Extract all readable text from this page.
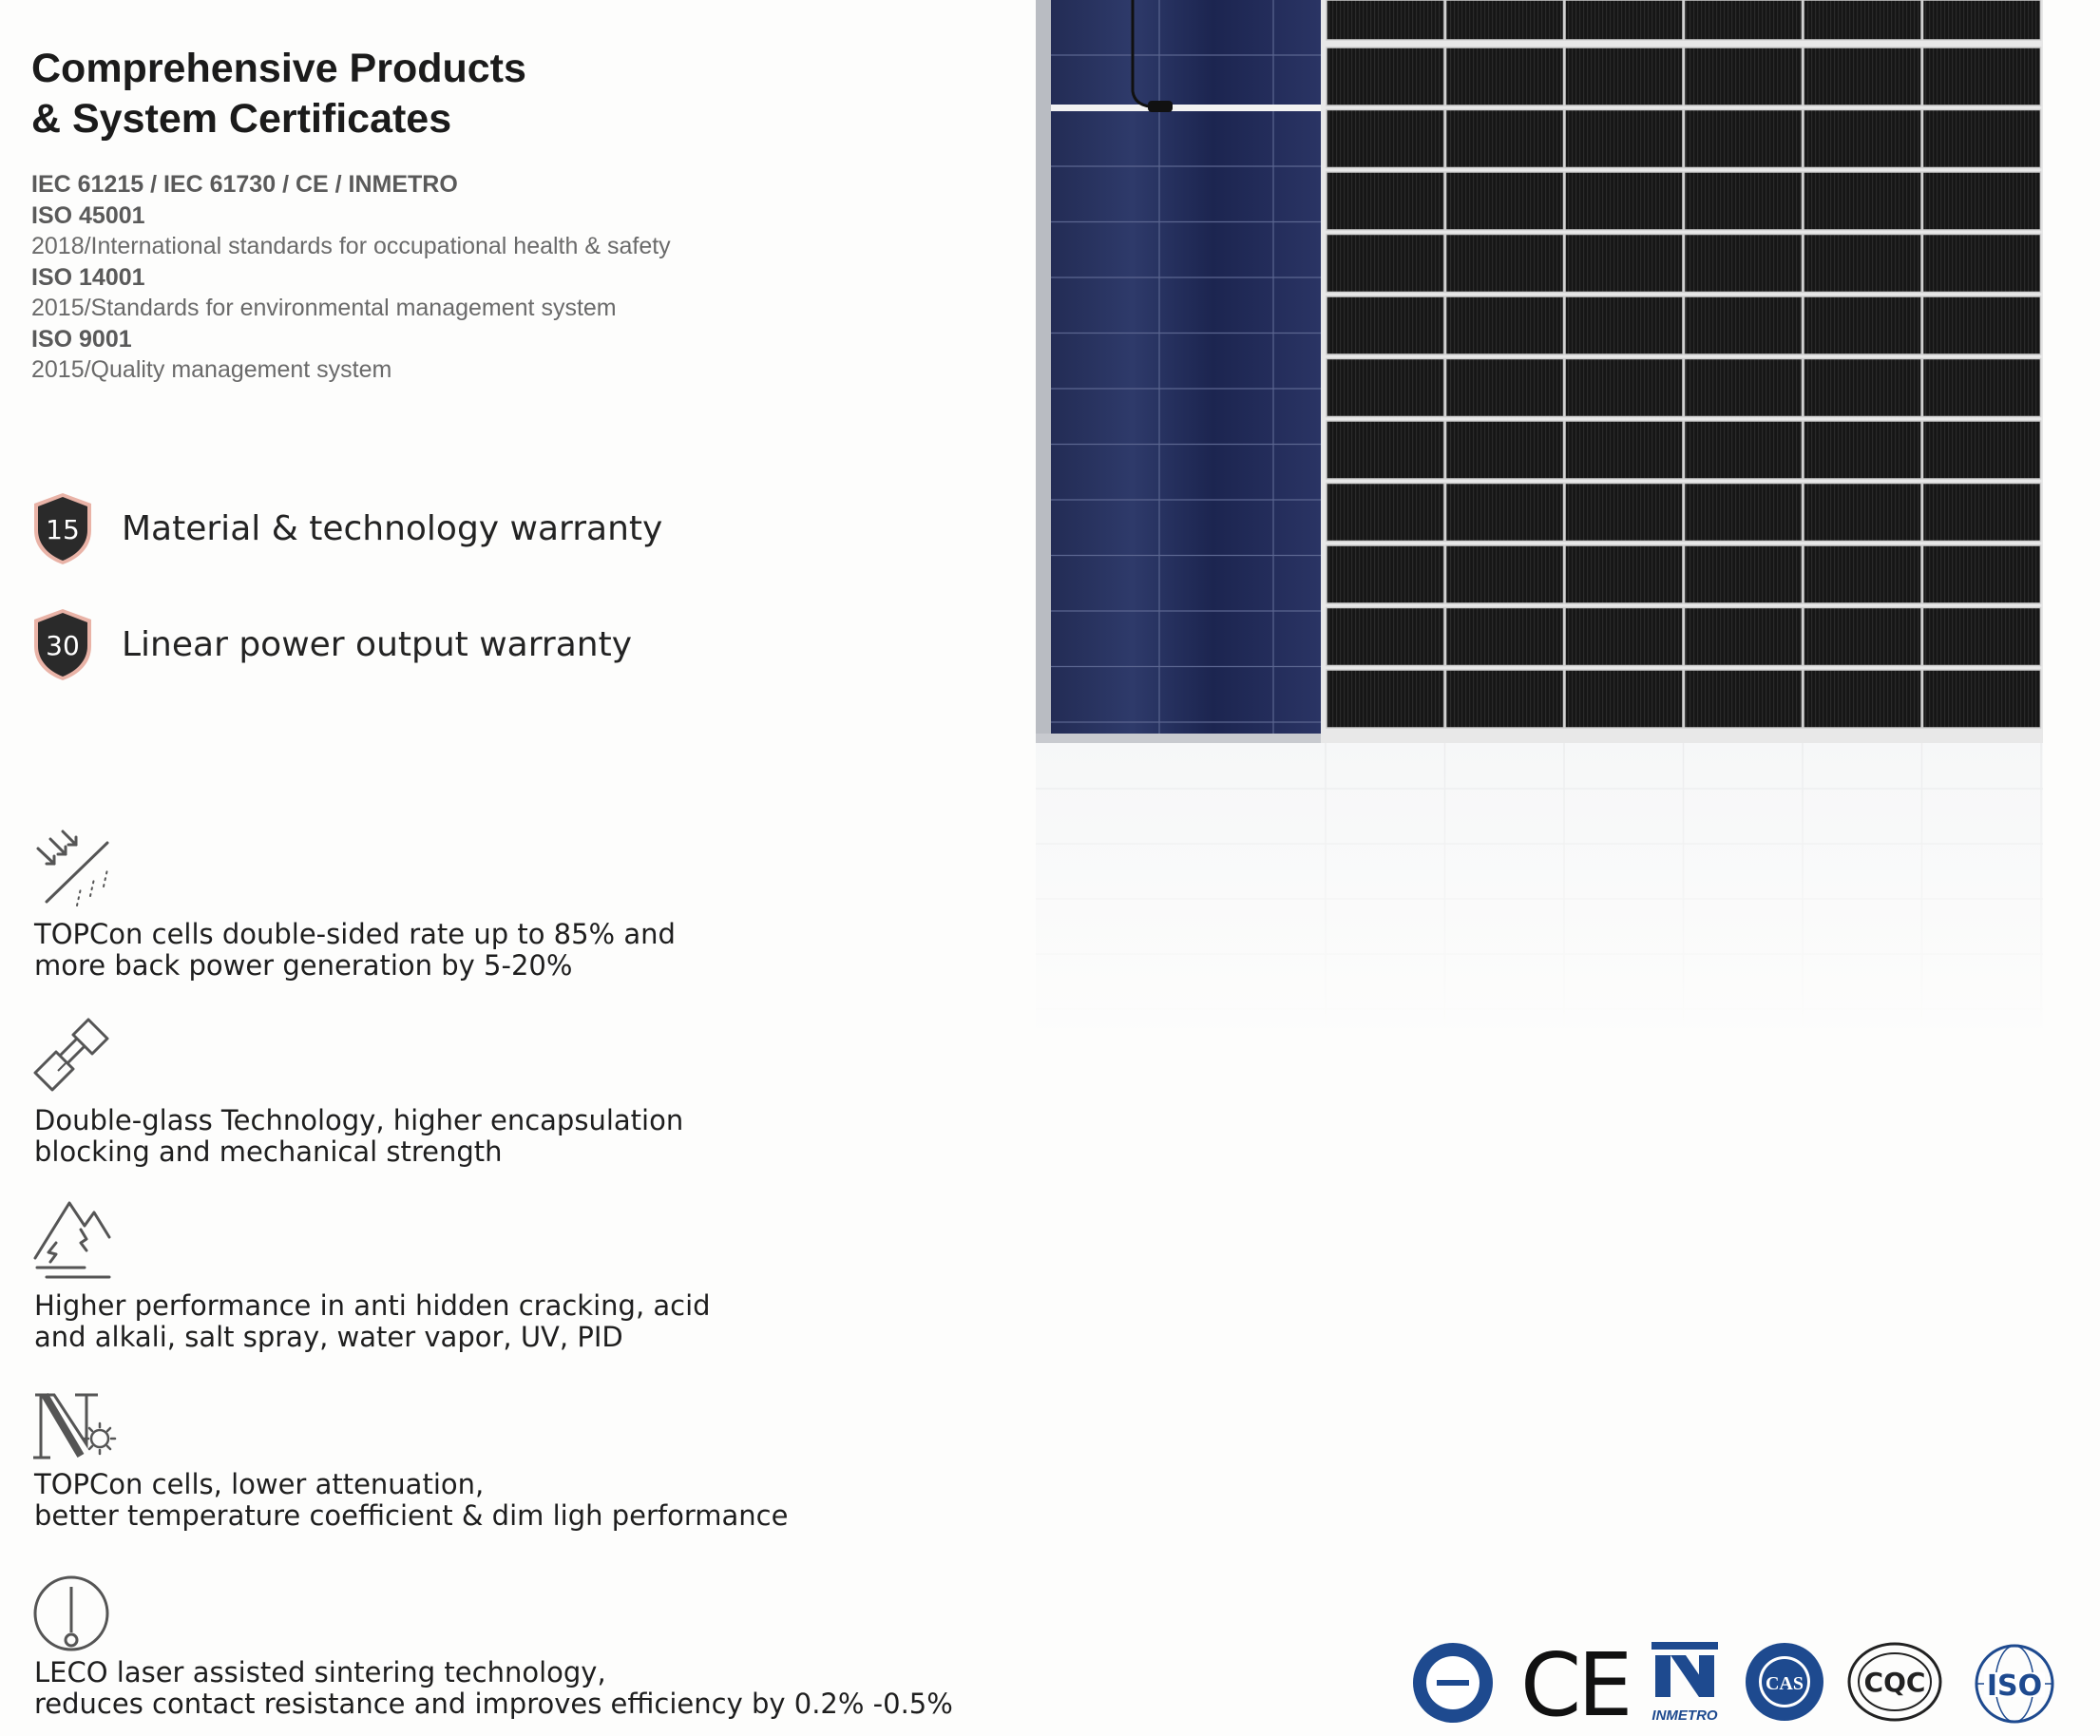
Comprehensive Products
& System Certificates
IEC 61215 / IEC 61730 / CE / INMETRO
ISO 45001
2018/International standards for occupational health & safety
ISO 14001
2015/Standards for environmental management system
ISO 9001
2015/Quality management system
15	Material & technology warranty
30	Linear power output warranty
TOPCon cells double-sided rate up to 85% and
more back power generation by 5-20%
Double-glass Technology, higher encapsulation
blocking and mechanical strength
Higher performance in anti hidden cracking, acid
and alkali, salt spray, water vapor, UV, PID
TOPCon cells, lower attenuation,
better temperature coefficient & dim ligh performance
LECO laser assisted sintering technology,
reduces contact resistance and improves efficiency by 0.2% -0.5%	CE INMETRO
CAS CQC ISO
